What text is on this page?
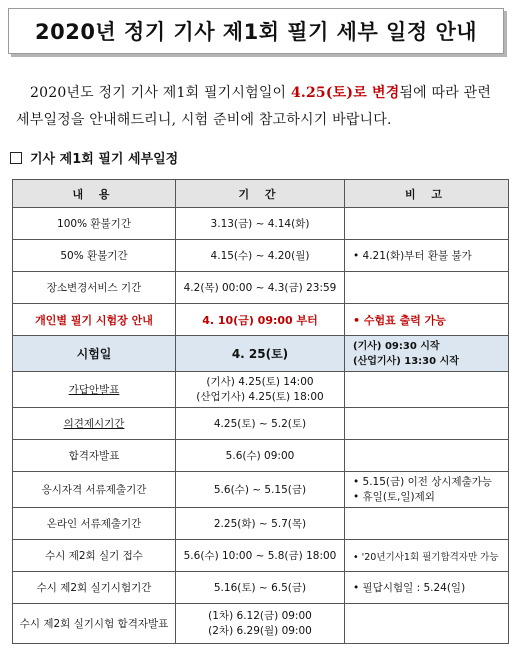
2020년 정기 기사 제1회 필기 세부 일정 안내
2020년도 정기 기사 제1회 필기시험일이 4.25(토)로 변경됨에 따라 관련 세부일정을 안내해드리니, 시험 준비에 참고하시기 바랍니다.
기사 제1회 필기 세부일정
내 용	기 간	비 고
100% 환불기간	3.13(금) ~ 4.14(화)	
50% 환불기간	4.15(수) ~ 4.20(월)	• 4.21(화)부터 환불 불가
장소변경서비스 기간	4.2(목) 00:00 ~ 4.3(금) 23:59	
개인별 필기 시험장 안내	4. 10(금) 09:00 부터	• 수험표 출력 가능
시험일	4. 25(토)	(기사) 09:30 시작
(산업기사) 13:30 시작

가답안발표	(기사) 4.25(토) 14:00
(산업기사) 4.25(토) 18:00	

의견제시기간	4.25(토) ~ 5.2(토)	
합격자발표	5.6(수) 09:00	
응시자격 서류제출기간	5.6(수) ~ 5.15(금)	• 5.15(금) 이전 상시제출가능
• 휴일(토,일)제외

온라인 서류제출기간	2.25(화) ~ 5.7(목)	
수시 제2회 실기 접수	5.6(수) 10:00 ~ 5.8(금) 18:00	• '20년기사1회 필기합격자만 가능
수시 제2회 실기시험기간	5.16(토) ~ 6.5(금)	• 필답시험일 : 5.24(일)
수시 제2회 실기시험 합격자발표	(1차) 6.12(금) 09:00
(2차) 6.29(월) 09:00	
